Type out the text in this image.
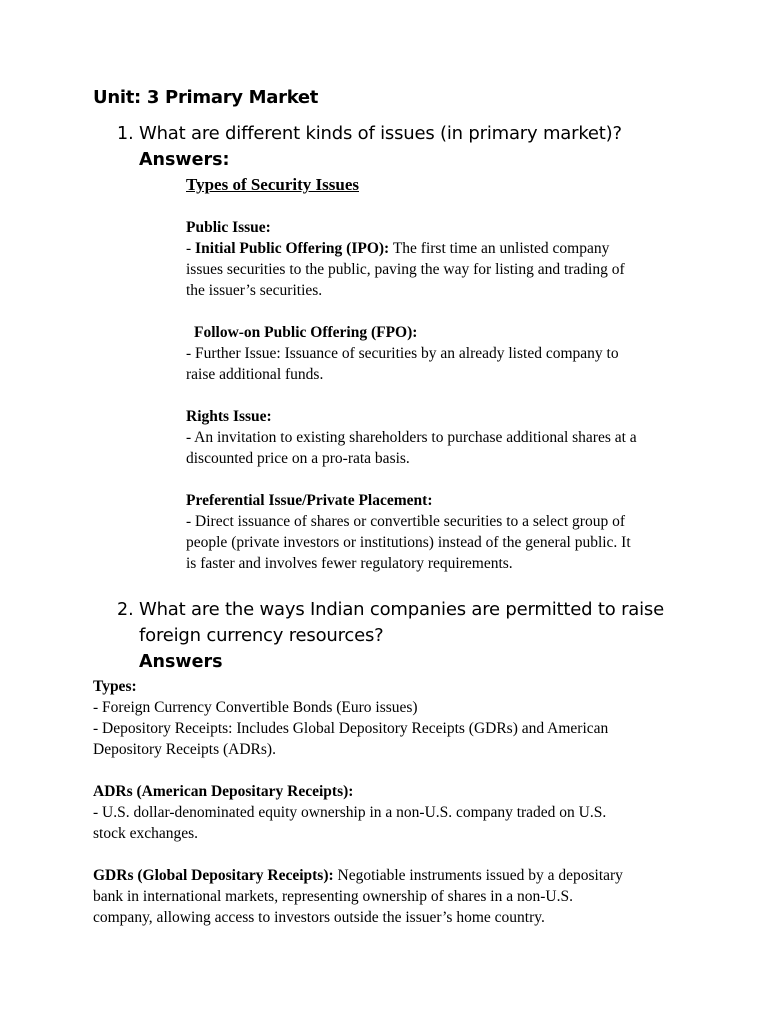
Unit: 3 Primary Market
1. What are different kinds of issues (in primary market)?
Answers:
Types of Security Issues

Public Issue:

- Initial Public Offering (IPO): The first time an unlisted company

issues securities to the public, paving the way for listing and trading of

the issuer’s securities.

Follow-on Public Offering (FPO):

- Further Issue: Issuance of securities by an already listed company to

raise additional funds.

Rights Issue:

- An invitation to existing shareholders to purchase additional shares at a

discounted price on a pro-rata basis.

Preferential Issue/Private Placement:

- Direct issuance of shares or convertible securities to a select group of

people (private investors or institutions) instead of the general public. It

is faster and involves fewer regulatory requirements.

2. What are the ways Indian companies are permitted to raise
foreign currency resources?
Answers

Types:

- Foreign Currency Convertible Bonds (Euro issues)

- Depository Receipts: Includes Global Depository Receipts (GDRs) and American

Depository Receipts (ADRs).

ADRs (American Depositary Receipts):

- U.S. dollar-denominated equity ownership in a non-U.S. company traded on U.S.

stock exchanges.

GDRs (Global Depositary Receipts): Negotiable instruments issued by a depositary

bank in international markets, representing ownership of shares in a non-U.S.

company, allowing access to investors outside the issuer’s home country.
